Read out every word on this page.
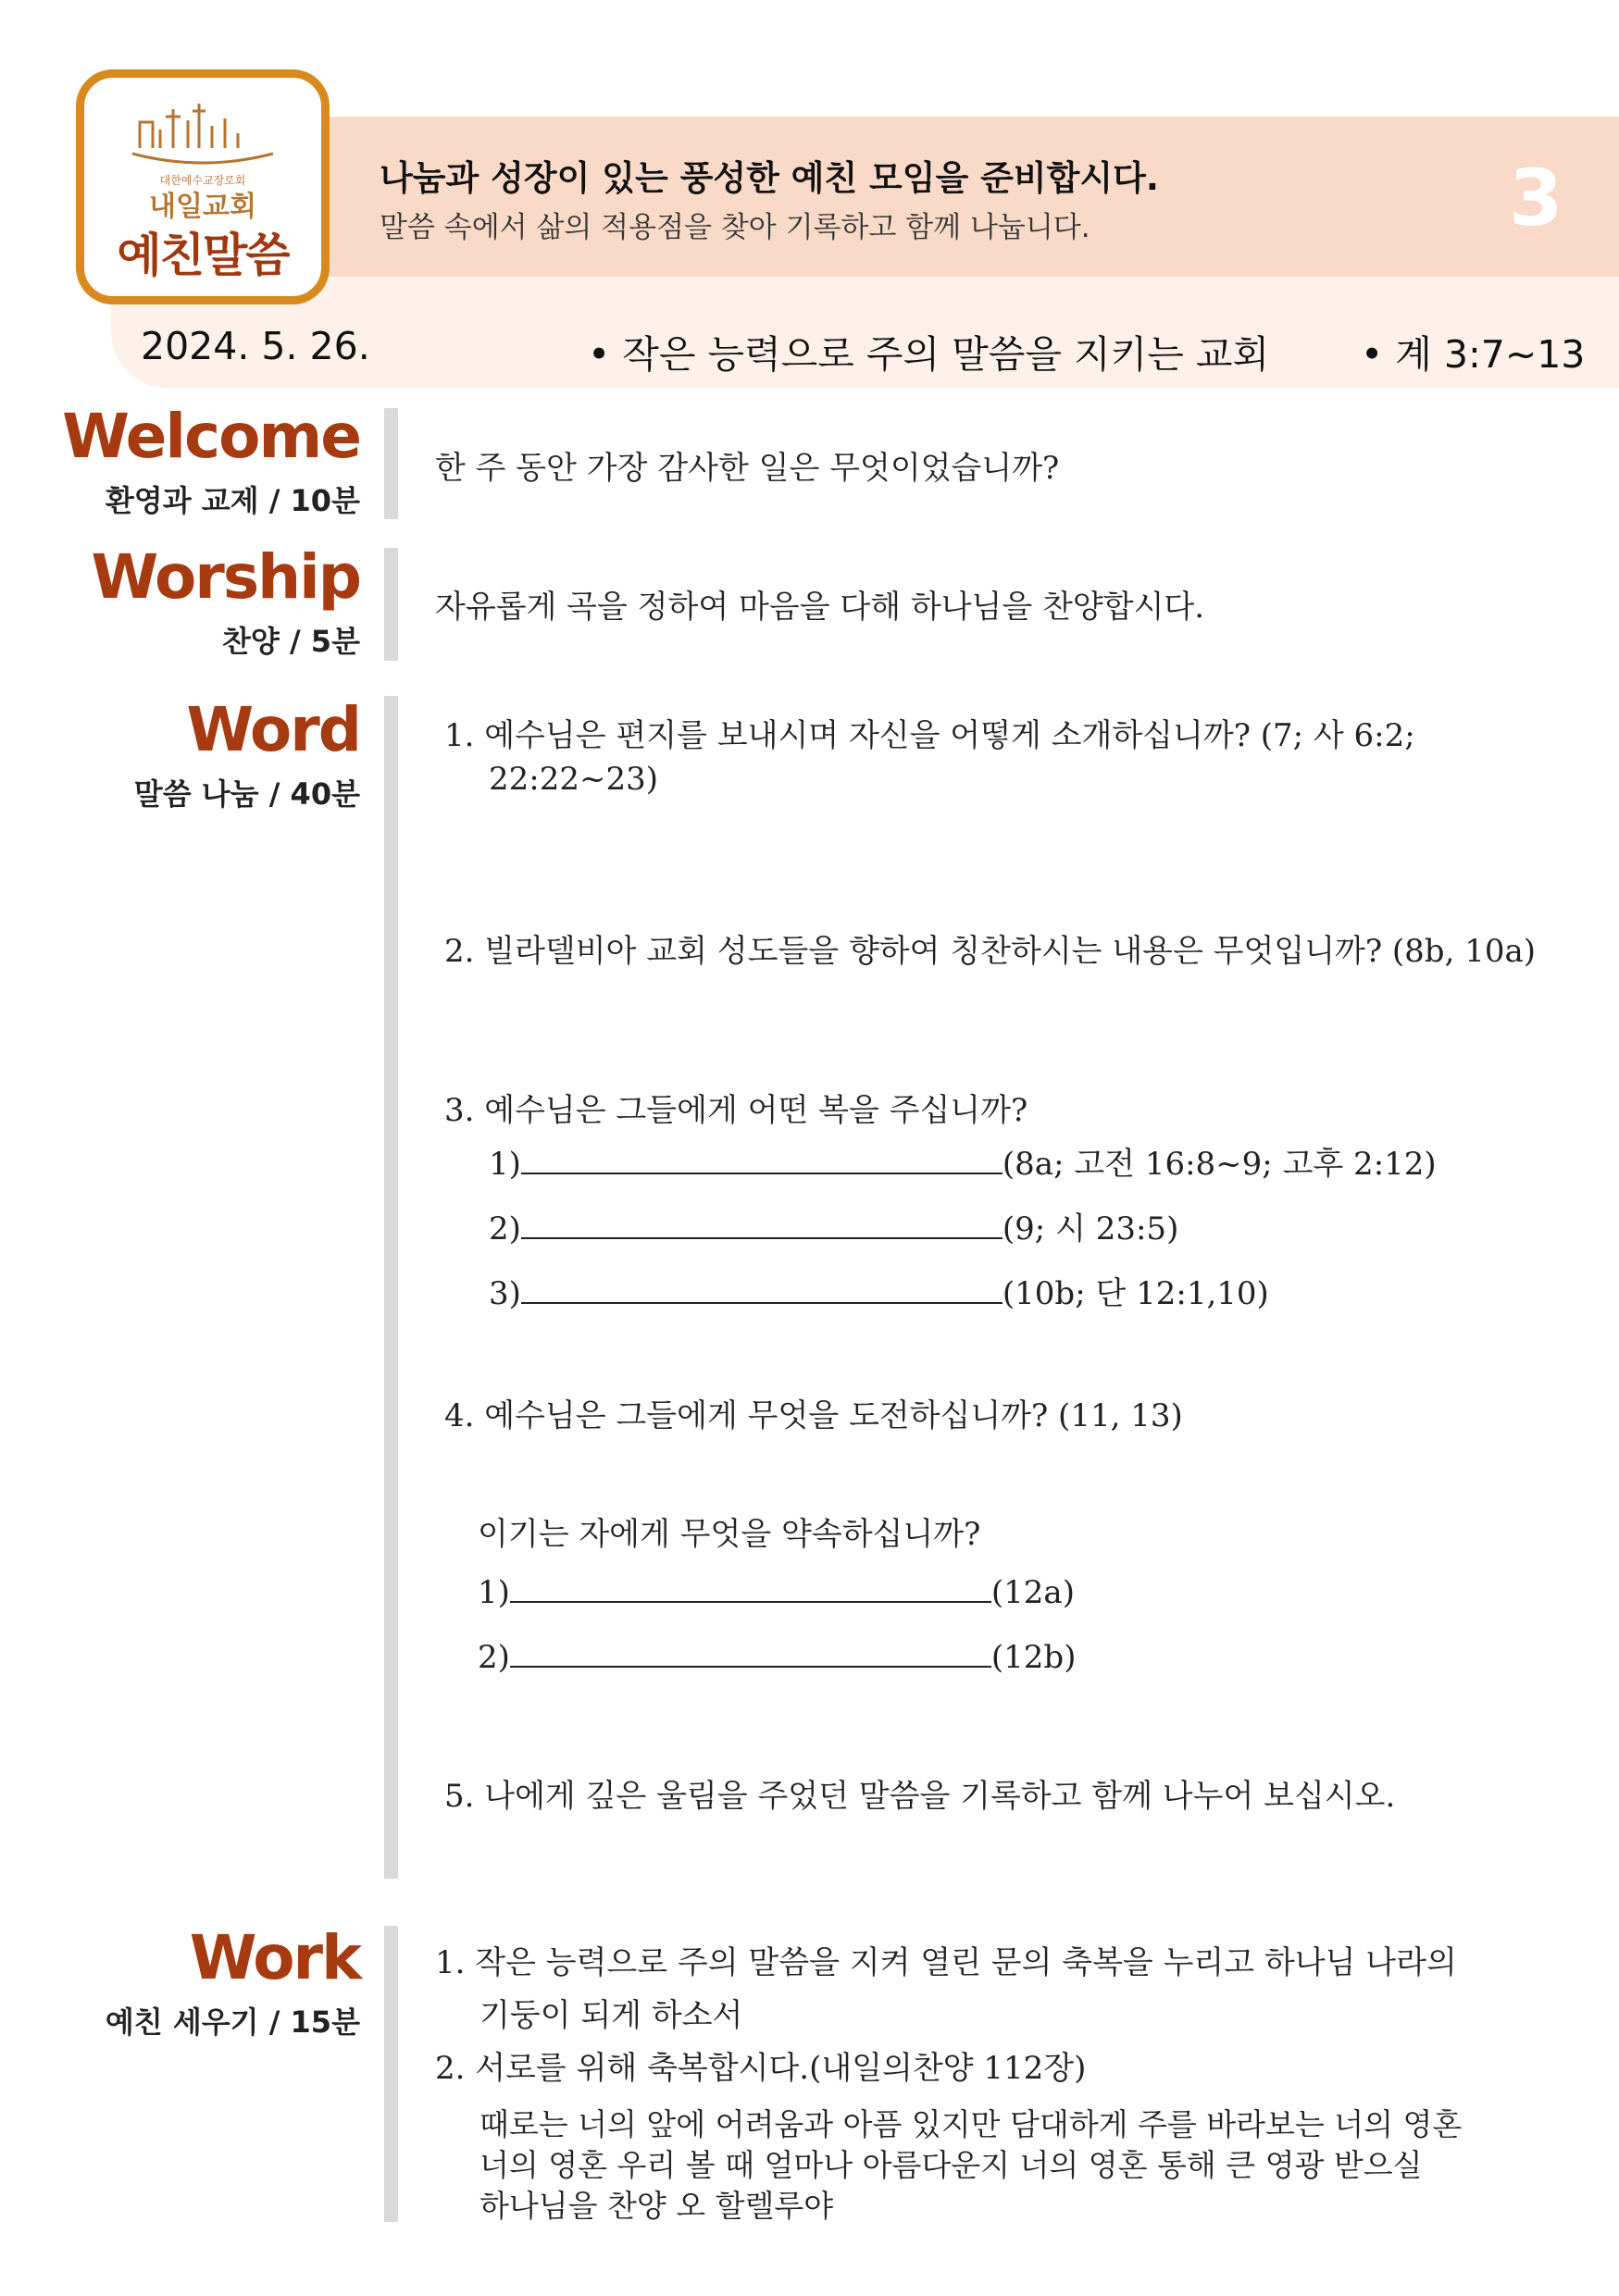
대한예수교장로회
내일교회
예친말씀
나눔과 성장이 있는 풍성한 예친 모임을 준비합시다.
말씀 속에서 삶의 적용점을 찾아 기록하고 함께 나눕니다.	3
2024. 5. 26.	• 작은 능력으로 주의 말씀을 지키는 교회 • 계 3:7~13
Welcome
환영과 교제 / 10분
한 주 동안 가장 감사한 일은 무엇이었습니까?
Worship
찬양 / 5분
자유롭게 곡을 정하여 마음을 다해 하나님을 찬양합시다.
Word
말씀 나눔 / 40분
1. 예수님은 편지를 보내시며 자신을 어떻게 소개하십니까? (7; 사 6:2;
22:22~23)
2. 빌라델비아 교회 성도들을 향하여 칭찬하시는 내용은 무엇입니까? (8b, 10a)
3. 예수님은 그들에게 어떤 복을 주십니까?
1)	(8a; 고전 16:8~9; 고후 2:12)
2)	(9; 시 23:5)
3)	(10b; 단 12:1,10)
4. 예수님은 그들에게 무엇을 도전하십니까? (11, 13)
이기는 자에게 무엇을 약속하십니까?
1)	(12a)
2)	(12b)
5. 나에게 깊은 울림을 주었던 말씀을 기록하고 함께 나누어 보십시오.
Work
예친 세우기 / 15분
1. 작은 능력으로 주의 말씀을 지켜 열린 문의 축복을 누리고 하나님 나라의
기둥이 되게 하소서
2. 서로를 위해 축복합시다.(내일의찬양 112장)
때로는 너의 앞에 어려움과 아픔 있지만 담대하게 주를 바라보는 너의 영혼
너의 영혼 우리 볼 때 얼마나 아름다운지 너의 영혼 통해 큰 영광 받으실
하나님을 찬양 오 할렐루야
